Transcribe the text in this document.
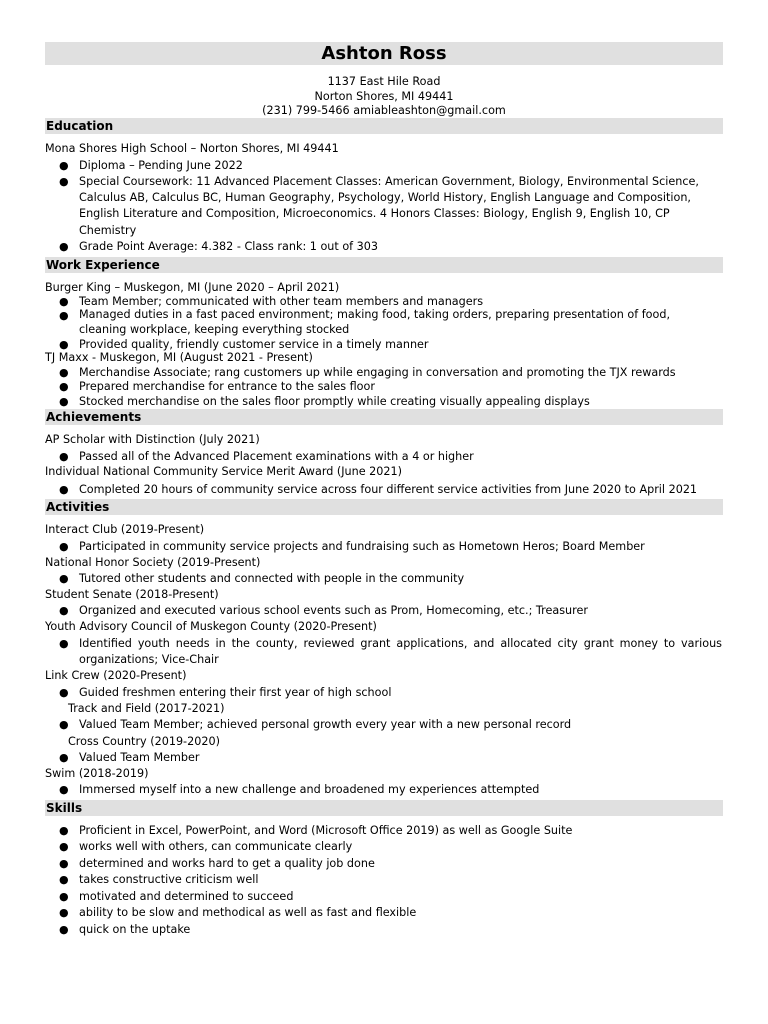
Ashton Ross
1137 East Hile Road
Norton Shores, MI 49441
(231) 799-5466 amiableashton@gmail.com
Education
Mona Shores High School – Norton Shores, MI 49441
● Diploma – Pending June 2022
● Special Coursework: 11 Advanced Placement Classes: American Government, Biology, Environmental Science, Calculus AB, Calculus BC, Human Geography, Psychology, World History, English Language and Composition, English Literature and Composition, Microeconomics. 4 Honors Classes: Biology, English 9, English 10, CP Chemistry
● Grade Point Average: 4.382 - Class rank: 1 out of 303
Work Experience
Burger King – Muskegon, MI (June 2020 – April 2021)
● Team Member; communicated with other team members and managers
● Managed duties in a fast paced environment; making food, taking orders, preparing presentation of food, cleaning workplace, keeping everything stocked
● Provided quality, friendly customer service in a timely manner
TJ Maxx - Muskegon, MI (August 2021 - Present)
● Merchandise Associate; rang customers up while engaging in conversation and promoting the TJX rewards
● Prepared merchandise for entrance to the sales floor
● Stocked merchandise on the sales floor promptly while creating visually appealing displays
Achievements
AP Scholar with Distinction (July 2021)
● Passed all of the Advanced Placement examinations with a 4 or higher
Individual National Community Service Merit Award (June 2021)
● Completed 20 hours of community service across four different service activities from June 2020 to April 2021
Activities
Interact Club (2019-Present)
● Participated in community service projects and fundraising such as Hometown Heros; Board Member
National Honor Society (2019-Present)
● Tutored other students and connected with people in the community
Student Senate (2018-Present)
● Organized and executed various school events such as Prom, Homecoming, etc.; Treasurer
Youth Advisory Council of Muskegon County (2020-Present)
● Identified youth needs in the county, reviewed grant applications, and allocated city grant money to various organizations; Vice-Chair
Link Crew (2020-Present)
● Guided freshmen entering their first year of high school
Track and Field (2017-2021)
● Valued Team Member; achieved personal growth every year with a new personal record
Cross Country (2019-2020)
● Valued Team Member
Swim (2018-2019)
● Immersed myself into a new challenge and broadened my experiences attempted
Skills
● Proficient in Excel, PowerPoint, and Word (Microsoft Office 2019) as well as Google Suite
● works well with others, can communicate clearly
● determined and works hard to get a quality job done
● takes constructive criticism well
● motivated and determined to succeed
● ability to be slow and methodical as well as fast and flexible
● quick on the uptake
